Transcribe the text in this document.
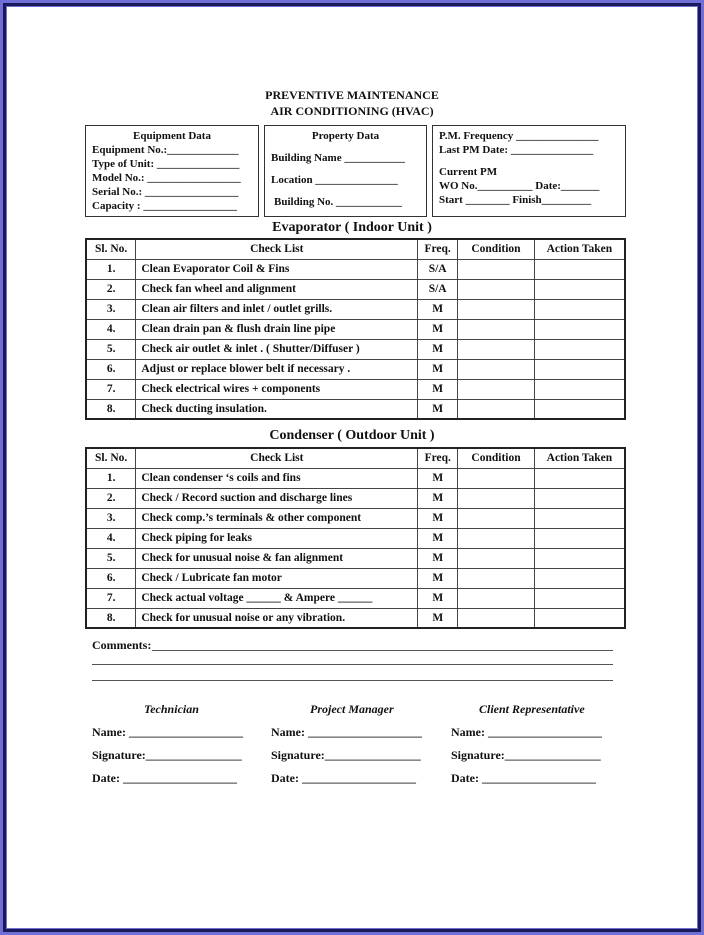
PREVENTIVE MAINTENANCE
AIR CONDITIONING (HVAC)
Equipment Data
Equipment No.:_____________
Type of Unit: _______________
Model No.: _________________
Serial No.: _________________
Capacity : _________________
Property Data
Building Name ___________
Location _______________
Building No. ____________
P.M. Frequency _______________
Last PM Date: _______________
Current PM
WO No.__________ Date:_______
Start ________ Finish_________
Evaporator ( Indoor Unit )
Sl. No.	Check List	Freq.	Condition	Action Taken
1.	Clean Evaporator Coil & Fins	S/A		
2.	Check fan wheel and alignment	S/A		
3.	Clean air filters and inlet / outlet grills.	M		
4.	Clean drain pan & flush drain line pipe	M		
5.	Check air outlet & inlet . ( Shutter/Diffuser )	M		
6.	Adjust or replace blower belt if necessary .	M		
7.	Check electrical wires + components	M		
8.	Check ducting insulation.	M		
Condenser ( Outdoor Unit )
Sl. No.	Check List	Freq.	Condition	Action Taken
1.	Clean condenser ‘s coils and fins	M		
2.	Check / Record suction and discharge lines	M		
3.	Check comp.’s terminals & other component	M		
4.	Check piping for leaks	M		
5.	Check for unusual noise & fan alignment	M		
6.	Check / Lubricate fan motor	M		
7.	Check actual voltage ______ & Ampere ______	M		
8.	Check for unusual noise or any vibration.	M		
Comments:
Technician
Name: ___________________
Signature:________________
Date: ___________________
Project Manager
Name: ___________________
Signature:________________
Date: ___________________
Client Representative
Name: ___________________
Signature:________________
Date: ___________________
